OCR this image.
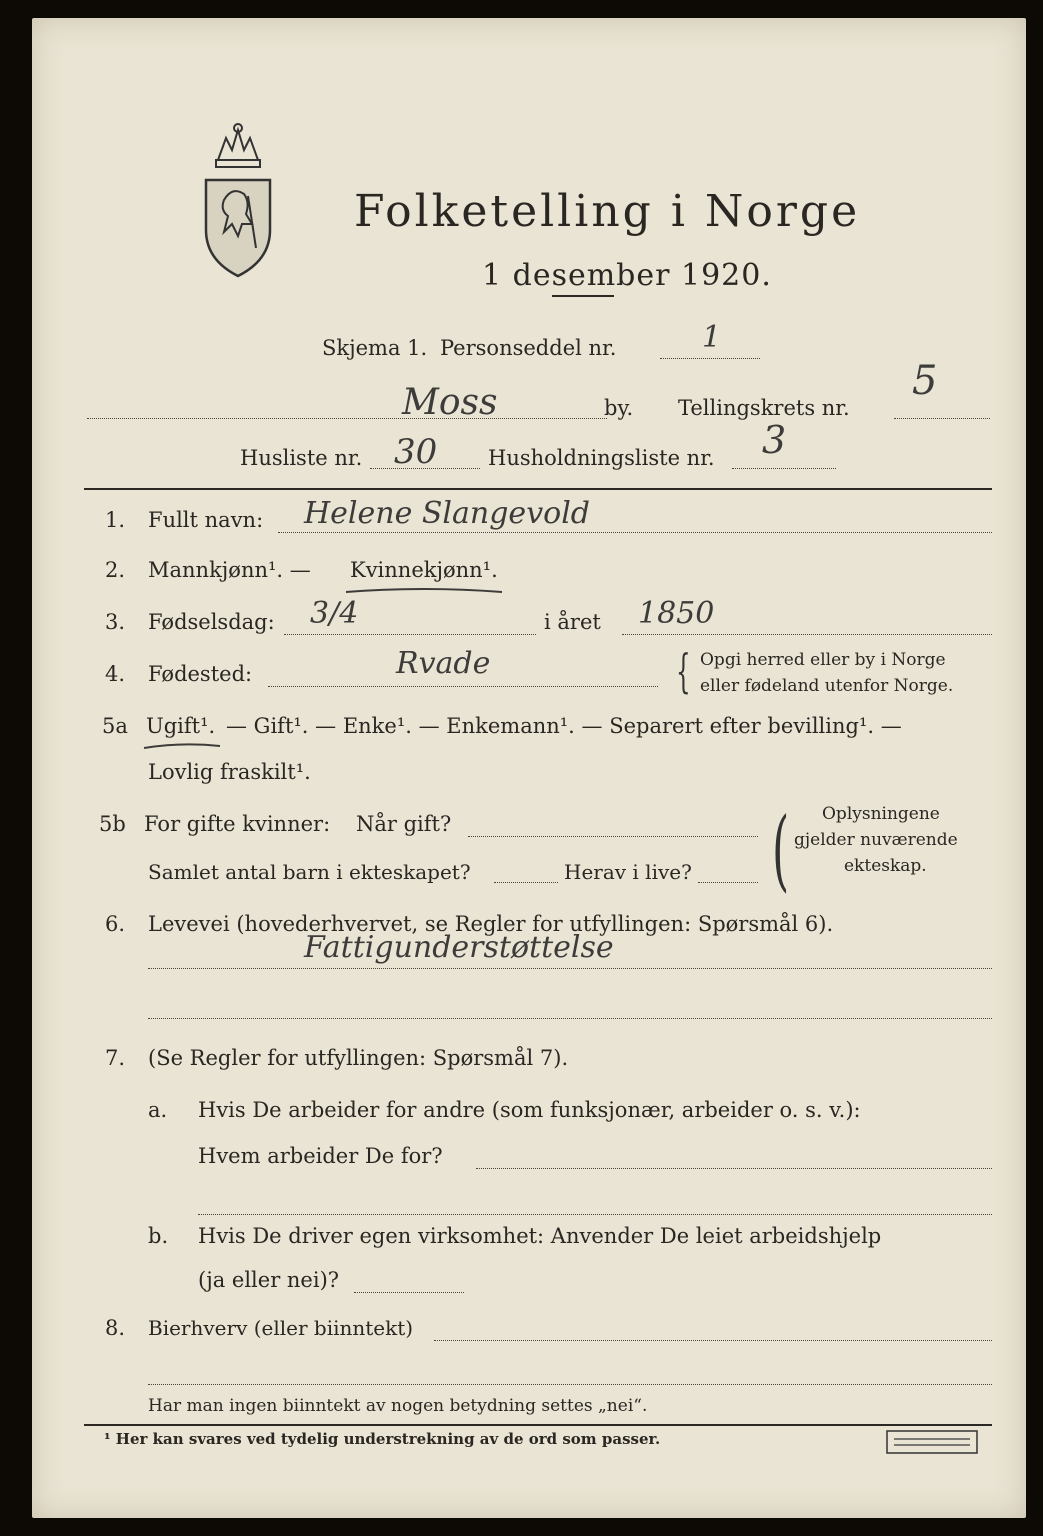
Folketelling i Norge
1 desember 1920.
Skjema 1. Personseddel nr.	1
Moss	by. Tellingskrets nr.
5
Husliste nr. 30 Husholdningsliste nr. 3
1. Fullt navn: Helene Slangevold
2. Mannkjønn¹. — Kvinnekjønn¹.
3. Fødselsdag: 3/4	i året 1850
4. Fødested:	Rvade	{ Opgi herred eller by i Norge
eller fødeland utenfor Norge.
5a Ugift¹. — Gift¹. — Enke¹. — Enkemann¹. — Separert efter bevilling¹. —
Lovlig fraskilt¹.
5b For gifte kvinner: Når gift?
Samlet antal barn i ekteskapet?	Herav i live? ( Oplysningene
gjelder nuværende
ekteskap.
6. Levevei (hovederhvervet, se Regler for utfyllingen: Spørsmål 6).
Fattigunderstøttelse
7. (Se Regler for utfyllingen: Spørsmål 7).
a. Hvis De arbeider for andre (som funksjonær, arbeider o. s. v.):
Hvem arbeider De for?
b. Hvis De driver egen virksomhet: Anvender De leiet arbeidshjelp
(ja eller nei)?
8. Bierhverv (eller biinntekt)
Har man ingen biinntekt av nogen betydning settes „nei“.
¹ Her kan svares ved tydelig understrekning av de ord som passer.
